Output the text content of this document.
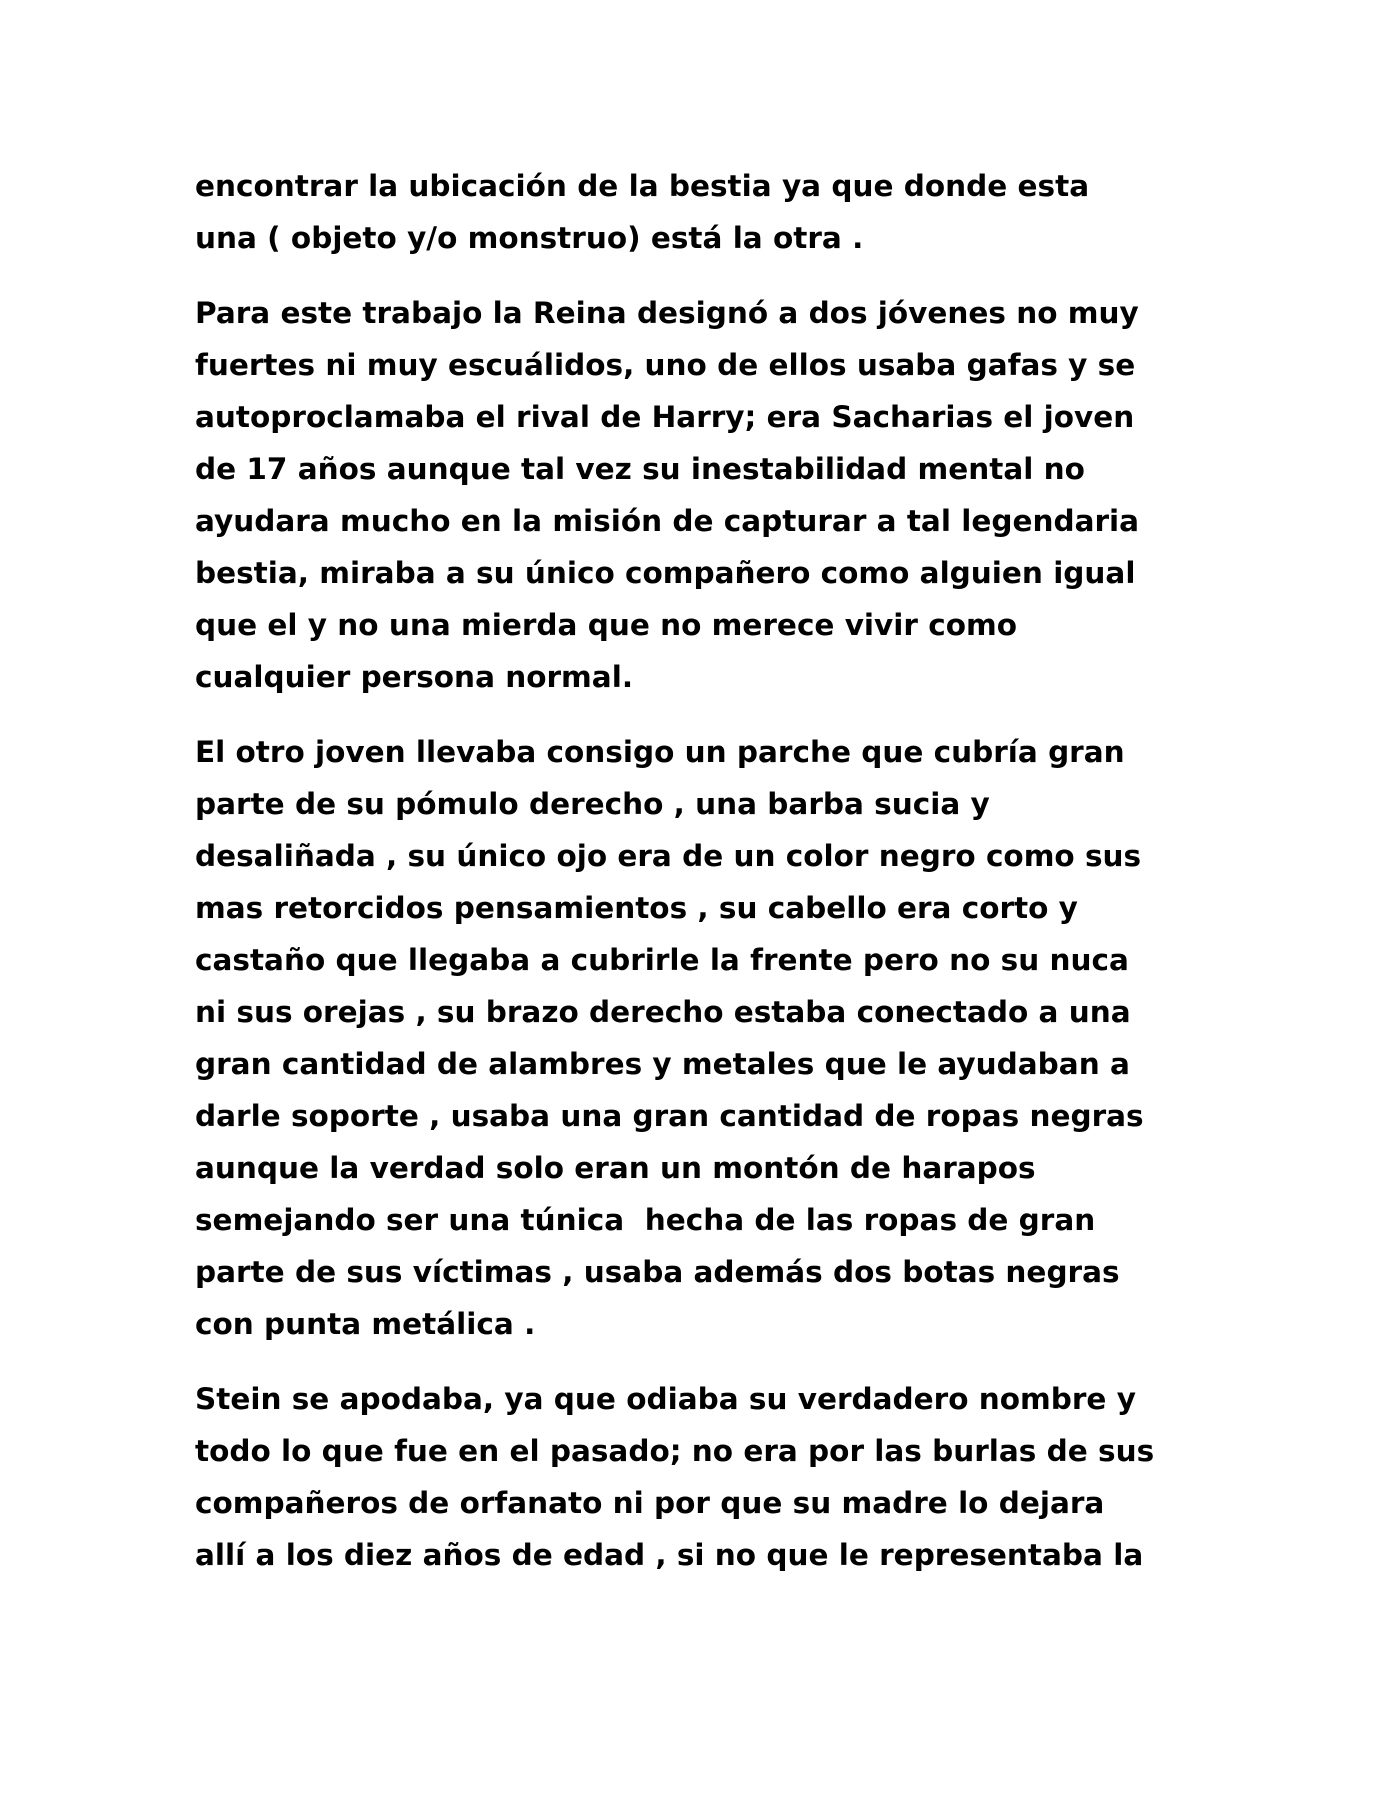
encontrar la ubicación de la bestia ya que donde esta
una ( objeto y/o monstruo) está la otra .

Para este trabajo la Reina designó a dos jóvenes no muy
fuertes ni muy escuálidos, uno de ellos usaba gafas y se
autoproclamaba el rival de Harry; era Sacharias el joven
de 17 años aunque tal vez su inestabilidad mental no
ayudara mucho en la misión de capturar a tal legendaria
bestia, miraba a su único compañero como alguien igual
que el y no una mierda que no merece vivir como
cualquier persona normal.

El otro joven llevaba consigo un parche que cubría gran
parte de su pómulo derecho , una barba sucia y
desaliñada , su único ojo era de un color negro como sus
mas retorcidos pensamientos , su cabello era corto y
castaño que llegaba a cubrirle la frente pero no su nuca
ni sus orejas , su brazo derecho estaba conectado a una
gran cantidad de alambres y metales que le ayudaban a
darle soporte , usaba una gran cantidad de ropas negras
aunque la verdad solo eran un montón de harapos
semejando ser una túnica  hecha de las ropas de gran
parte de sus víctimas , usaba además dos botas negras
con punta metálica .

Stein se apodaba, ya que odiaba su verdadero nombre y
todo lo que fue en el pasado; no era por las burlas de sus
compañeros de orfanato ni por que su madre lo dejara
allí a los diez años de edad , si no que le representaba la
